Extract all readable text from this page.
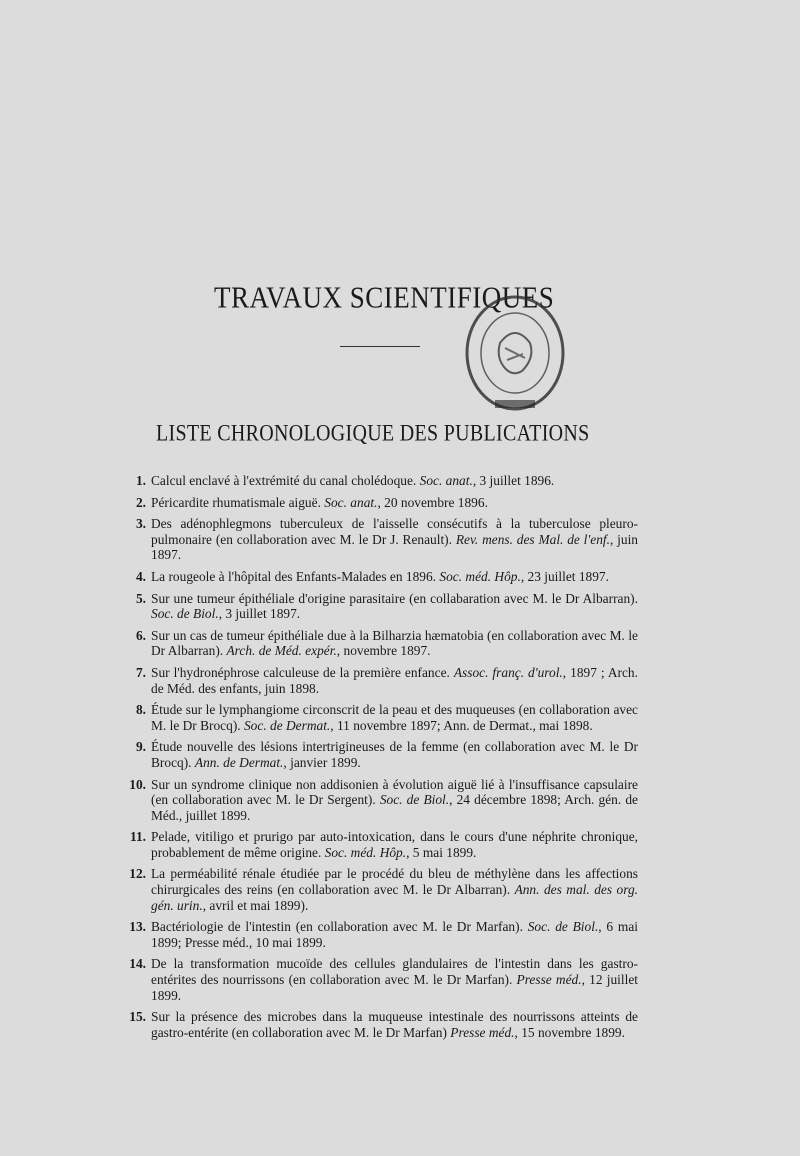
TRAVAUX SCIENTIFIQUES
LISTE CHRONOLOGIQUE DES PUBLICATIONS
1. Calcul enclavé à l'extrémité du canal cholédoque. Soc. anat., 3 juillet 1896.
2. Péricardite rhumatismale aiguë. Soc. anat., 20 novembre 1896.
3. Des adénophlegmons tuberculeux de l'aisselle consécutifs à la tuberculose pleuro-pulmonaire (en collaboration avec M. le Dr J. Renault). Rev. mens. des Mal. de l'enf., juin 1897.
4. La rougeole à l'hôpital des Enfants-Malades en 1896. Soc. méd. Hôp., 23 juillet 1897.
5. Sur une tumeur épithéliale d'origine parasitaire (en collabaration avec M. le Dr Albarran). Soc. de Biol., 3 juillet 1897.
6. Sur un cas de tumeur épithéliale due à la Bilharzia hæmatobia (en collaboration avec M. le Dr Albarran). Arch. de Méd. expér., novembre 1897.
7. Sur l'hydronéphrose calculeuse de la première enfance. Assoc. franç. d'urol., 1897 ; Arch. de Méd. des enfants, juin 1898.
8. Étude sur le lymphangiome circonscrit de la peau et des muqueuses (en collaboration avec M. le Dr Brocq). Soc. de Dermat., 11 novembre 1897; Ann. de Dermat., mai 1898.
9. Étude nouvelle des lésions intertrigineuses de la femme (en collaboration avec M. le Dr Brocq). Ann. de Dermat., janvier 1899.
10. Sur un syndrome clinique non addisonien à évolution aiguë lié à l'insuffisance capsulaire (en collaboration avec M. le Dr Sergent). Soc. de Biol., 24 décembre 1898; Arch. gén. de Méd., juillet 1899.
11. Pelade, vitiligo et prurigo par auto-intoxication, dans le cours d'une néphrite chronique, probablement de même origine. Soc. méd. Hôp., 5 mai 1899.
12. La perméabilité rénale étudiée par le procédé du bleu de méthylène dans les affections chirurgicales des reins (en collaboration avec M. le Dr Albarran). Ann. des mal. des org. gén. urin., avril et mai 1899).
13. Bactériologie de l'intestin (en collaboration avec M. le Dr Marfan). Soc. de Biol., 6 mai 1899; Presse méd., 10 mai 1899.
14. De la transformation mucoïde des cellules glandulaires de l'intestin dans les gastro-entérites des nourrissons (en collaboration avec M. le Dr Marfan). Presse méd., 12 juillet 1899.
15. Sur la présence des microbes dans la muqueuse intestinale des nourrissons atteints de gastro-entérite (en collaboration avec M. le Dr Marfan) Presse méd., 15 novembre 1899.
